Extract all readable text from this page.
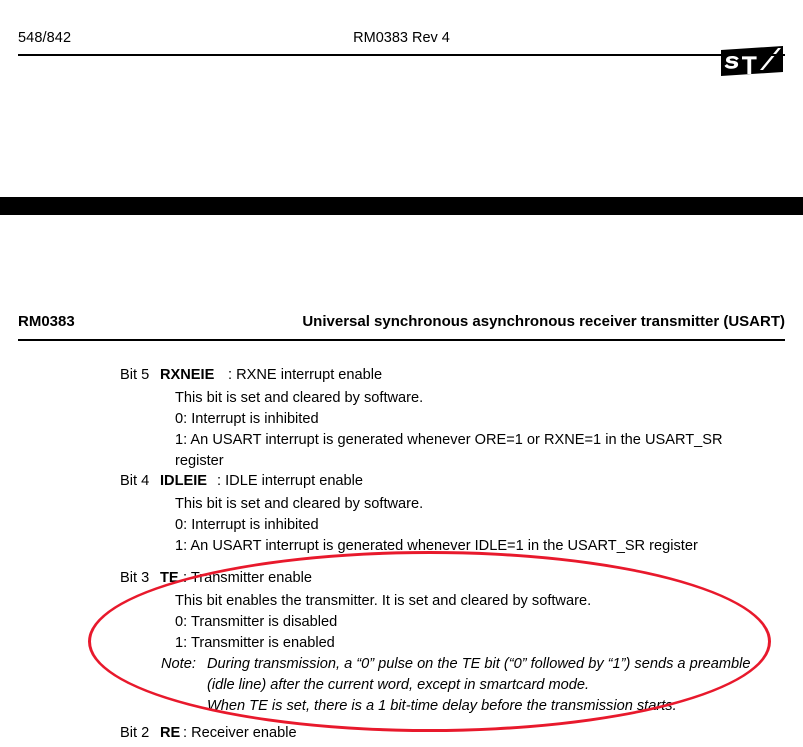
548/842	RM0383 Rev 4
RM0383	Universal synchronous asynchronous receiver transmitter (USART)
Bit 5 RXNEIE : RXNE interrupt enable
This bit is set and cleared by software.
0: Interrupt is inhibited
1: An USART interrupt is generated whenever ORE=1 or RXNE=1 in the USART_SR register
Bit 4 IDLEIE : IDLE interrupt enable
This bit is set and cleared by software.
0: Interrupt is inhibited
1: An USART interrupt is generated whenever IDLE=1 in the USART_SR register
Bit 3 TE : Transmitter enable
This bit enables the transmitter. It is set and cleared by software.
0: Transmitter is disabled
1: Transmitter is enabled
Note: During transmission, a “0” pulse on the TE bit (“0” followed by “1”) sends a preamble (idle line) after the current word, except in smartcard mode.
When TE is set, there is a 1 bit-time delay before the transmission starts.
Bit 2 RE : Receiver enable
